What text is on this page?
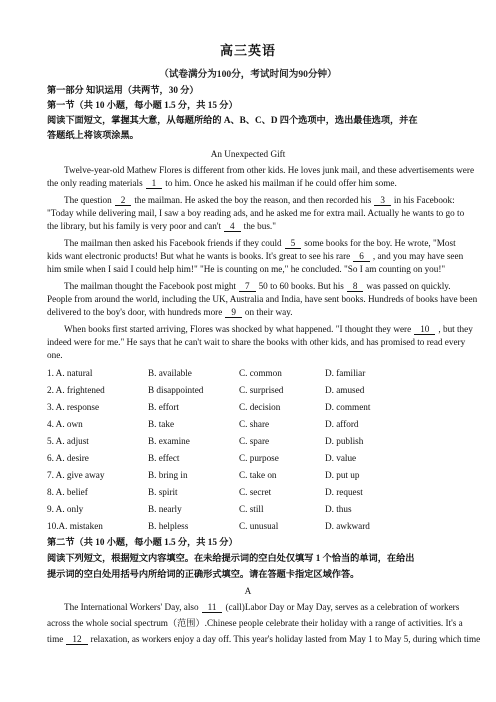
高三英语
（试卷满分为100分，考试时间为90分钟）
第一部分 知识运用（共两节，30 分）
第一节（共 10 小题，每小题 1.5 分，共 15 分）
阅读下面短文，掌握其大意，从每题所给的 A、B、C、D 四个选项中，选出最佳选项，并在
答题纸上将该项涂黑。
An Unexpected Gift
Twelve-year-old Mathew Flores is different from other kids. He loves junk mail, and these advertisements were
the only reading materials 1 to him. Once he asked his mailman if he could offer him some.
The question 2 the mailman. He asked the boy the reason, and then recorded his 3 in his Facebook:
"Today while delivering mail, I saw a boy reading ads, and he asked me for extra mail. Actually he wants to go to
the library, but his family is very poor and can't 4 the bus."
The mailman then asked his Facebook friends if they could 5 some books for the boy. He wrote, "Most
kids want electronic products! But what he wants is books. It's great to see his rare 6 , and you may have seen
him smile when I said I could help him!" "He is counting on me," he concluded. "So I am counting on you!"
The mailman thought the Facebook post might 7 50 to 60 books. But his 8 was passed on quickly.
People from around the world, including the UK, Australia and India, have sent books. Hundreds of books have been
delivered to the boy's door, with hundreds more 9 on their way.
When books first started arriving, Flores was shocked by what happened. "I thought they were 10 , but they
indeed were for me." He says that he can't wait to share the books with other kids, and has promised to read every
one.
1. A. natural	B. available	C. common	D. familiar
2. A. frightened	B disappointed	C. surprised	D. amused
3. A. response	B. effort	C. decision	D. comment
4. A. own	B. take	C. share	D. afford
5. A. adjust	B. examine	C. spare	D. publish
6. A. desire	B. effect	C. purpose	D. value
7. A. give away	B. bring in	C. take on	D. put up
8. A. belief	B. spirit	C. secret	D. request
9. A. only	B. nearly	C. still	D. thus
10.A. mistaken	B. helpless	C. unusual	D. awkward
第二节（共 10 小题，每小题 1.5 分，共 15 分）
阅读下列短文，根据短文内容填空。在未给提示词的空白处仅填写 1 个恰当的单词，在给出
提示词的空白处用括号内所给词的正确形式填空。请在答题卡指定区域作答。
A
The International Workers' Day, also 11 (call)Labor Day or May Day, serves as a celebration of workers
across the whole social spectrum（范围）.Chinese people celebrate their holiday with a range of activities. It's a
time 12 relaxation, as workers enjoy a day off. This year's holiday lasted from May 1 to May 5, during which time
